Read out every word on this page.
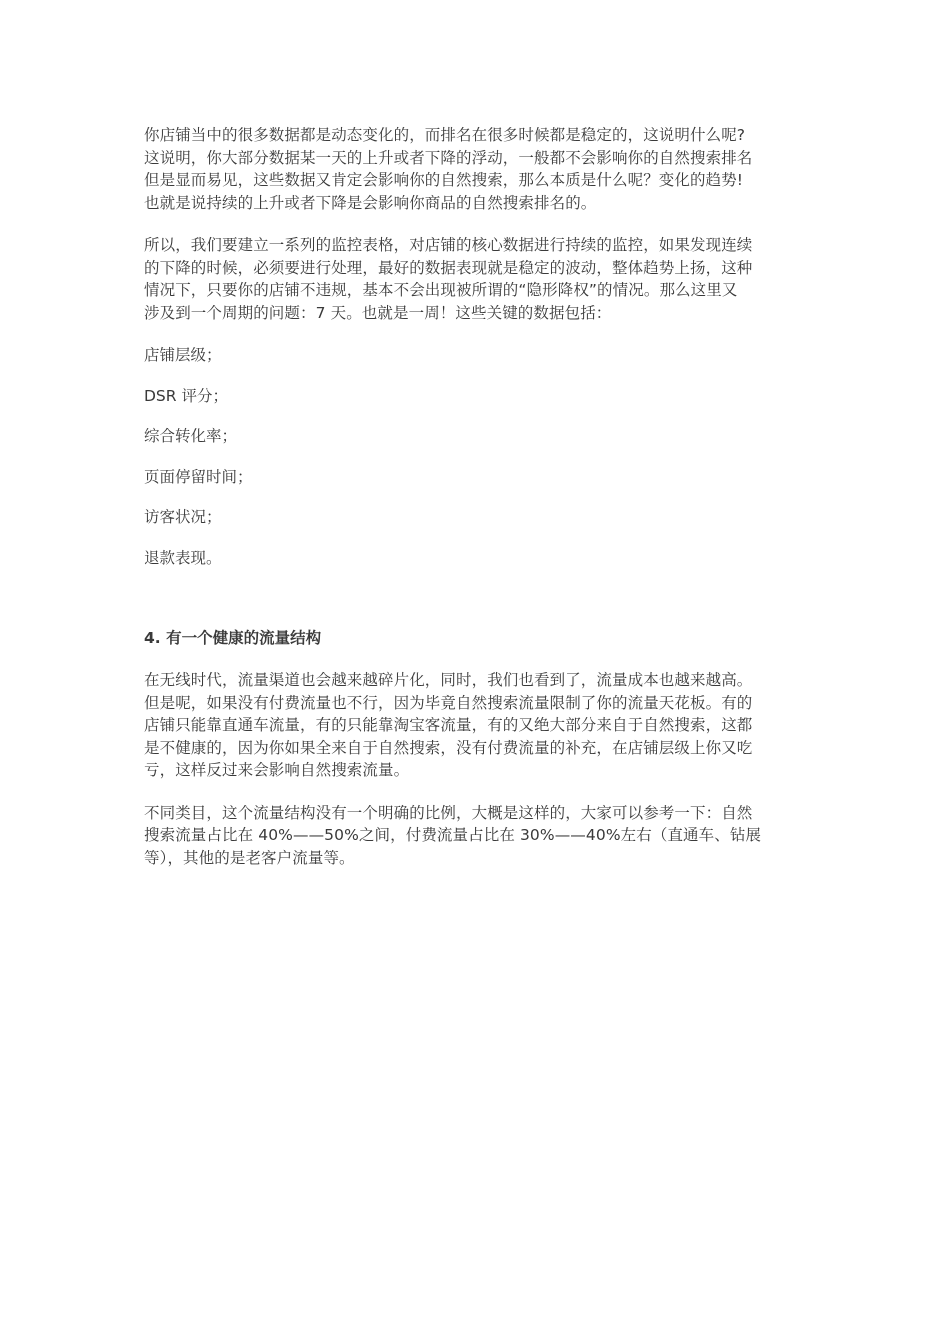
你店铺当中的很多数据都是动态变化的，而排名在很多时候都是稳定的，这说明什么呢?
这说明，你大部分数据某一天的上升或者下降的浮动，一般都不会影响你的自然搜索排名
但是显而易见，这些数据又肯定会影响你的自然搜索，那么本质是什么呢？变化的趋势!
也就是说持续的上升或者下降是会影响你商品的自然搜索排名的。

所以，我们要建立一系列的监控表格，对店铺的核心数据进行持续的监控，如果发现连续
的下降的时候，必须要进行处理，最好的数据表现就是稳定的波动，整体趋势上扬，这种
情况下，只要你的店铺不违规，基本不会出现被所谓的“隐形降权”的情况。那么这里又
涉及到一个周期的问题：7 天。也就是一周！这些关键的数据包括：

店铺层级；

DSR 评分；

综合转化率；

页面停留时间；

访客状况；

退款表现。

4. 有一个健康的流量结构

在无线时代，流量渠道也会越来越碎片化，同时，我们也看到了，流量成本也越来越高。
但是呢，如果没有付费流量也不行，因为毕竟自然搜索流量限制了你的流量天花板。有的
店铺只能靠直通车流量，有的只能靠淘宝客流量，有的又绝大部分来自于自然搜索，这都
是不健康的，因为你如果全来自于自然搜索，没有付费流量的补充，在店铺层级上你又吃
亏，这样反过来会影响自然搜索流量。

不同类目，这个流量结构没有一个明确的比例，大概是这样的，大家可以参考一下：自然
搜索流量占比在 40%——50%之间，付费流量占比在 30%——40%左右（直通车、钻展
等），其他的是老客户流量等。
